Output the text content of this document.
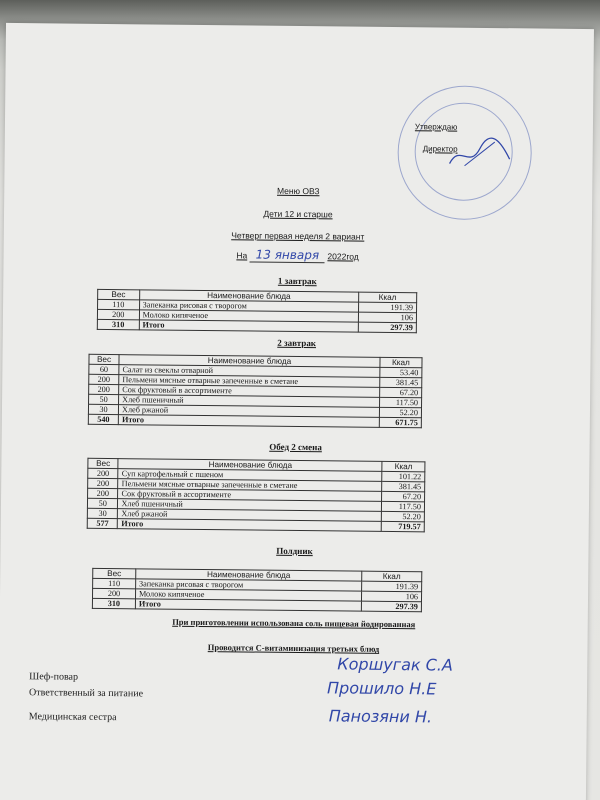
Утверждаю
Директор
Меню ОВЗ
Дети 12 и старше
Четверг первая неделя 2 вариант
На 13 января 2022год
1 завтрак
Вес	Наименование блюда	Ккал
110	Запеканка рисовая с творогом	191.39
200	Молоко кипяченое	106
310	Итого	297.39
2 завтрак
Вес	Наименование блюда	Ккал
60	Салат из свеклы отварной	53.40
200	Пельмени мясные отварные запеченные в сметане	381.45
200	Сок фруктовый в ассортименте	67.20
50	Хлеб пшеничный	117.50
30	Хлеб ржаной	52.20
540	Итого	671.75
Обед 2 смена
Вес	Наименование блюда	Ккал
200	Суп картофельный с пшеном	101.22
200	Пельмени мясные отварные запеченные в сметане	381.45
200	Сок фруктовый в ассортименте	67.20
50	Хлеб пшеничный	117.50
30	Хлеб ржаной	52.20
577	Итого	719.57
Полдник
Вес	Наименование блюда	Ккал
110	Запеканка рисовая с творогом	191.39
200	Молоко кипяченое	106
310	Итого	297.39
При приготовлении использована соль пищевая йодированная
Проводится С-витаминизация третьих блюд
Шеф-повар
Ответственный за питание
Медицинская сестра
Коршугак С.А
Прошило Н.Е
Панозяни Н.
